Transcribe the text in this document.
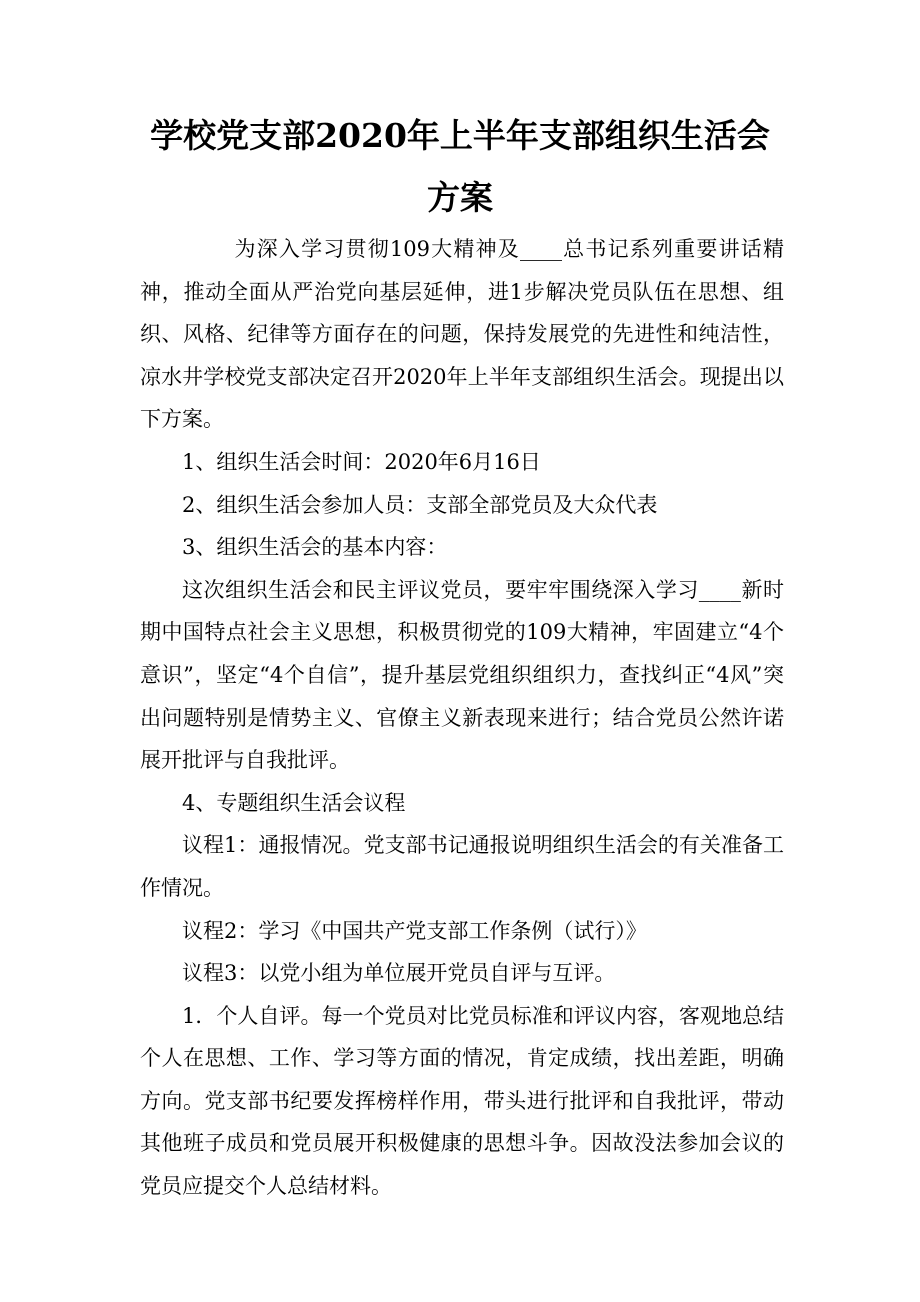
学校党支部2020年上半年支部组织生活会
方案

为深入学习贯彻109大精神及____总书记系列重要讲话精神，推动全面从严治党向基层延伸，进1步解决党员队伍在思想、组织、风格、纪律等方面存在的问题，保持发展党的先进性和纯洁性，凉水井学校党支部决定召开2020年上半年支部组织生活会。现提出以下方案。

1、组织生活会时间：2020年6月16日

2、组织生活会参加人员：支部全部党员及大众代表

3、组织生活会的基本内容：

这次组织生活会和民主评议党员，要牢牢围绕深入学习____新时期中国特点社会主义思想，积极贯彻党的109大精神，牢固建立“4个意识”，坚定“4个自信”，提升基层党组织组织力，查找纠正“4风”突出问题特别是情势主义、官僚主义新表现来进行；结合党员公然许诺展开批评与自我批评。

4、专题组织生活会议程

议程1：通报情况。党支部书记通报说明组织生活会的有关准备工作情况。

议程2：学习《中国共产党支部工作条例（试行）》

议程3：以党小组为单位展开党员自评与互评。

1．个人自评。每一个党员对比党员标准和评议内容，客观地总结个人在思想、工作、学习等方面的情况，肯定成绩，找出差距，明确方向。党支部书纪要发挥榜样作用，带头进行批评和自我批评，带动其他班子成员和党员展开积极健康的思想斗争。因故没法参加会议的党员应提交个人总结材料。
